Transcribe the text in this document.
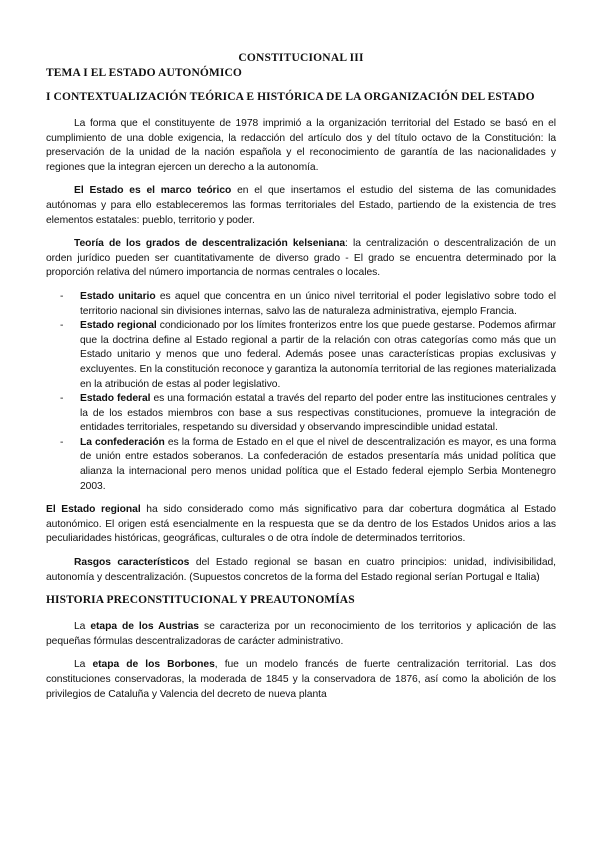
CONSTITUCIONAL III
TEMA I EL ESTADO AUTONÓMICO
I CONTEXTUALIZACIÓN TEÓRICA E HISTÓRICA DE LA ORGANIZACIÓN DEL ESTADO

La forma que el constituyente de 1978 imprimió a la organización territorial del Estado se basó en el cumplimiento de una doble exigencia, la redacción del artículo dos y del título octavo de la Constitución: la preservación de la unidad de la nación española y el reconocimiento de garantía de las nacionalidades y regiones que la integran ejercen un derecho a la autonomía.

El Estado es el marco teórico en el que insertamos el estudio del sistema de las comunidades autónomas y para ello estableceremos las formas territoriales del Estado, partiendo de la existencia de tres elementos estatales: pueblo, territorio y poder.

Teoría de los grados de descentralización kelseniana: la centralización o descentralización de un orden jurídico pueden ser cuantitativamente de diverso grado - El grado se encuentra determinado por la proporción relativa del número importancia de normas centrales o locales.

- Estado unitario es aquel que concentra en un único nivel territorial el poder legislativo sobre todo el territorio nacional sin divisiones internas, salvo las de naturaleza administrativa, ejemplo Francia.
- Estado regional condicionado por los límites fronterizos entre los que puede gestarse. Podemos afirmar que la doctrina define al Estado regional a partir de la relación con otras categorías como más que un Estado unitario y menos que uno federal. Además posee unas características propias exclusivas y excluyentes. En la constitución reconoce y garantiza la autonomía territorial de las regiones materializada en la atribución de estas al poder legislativo.
- Estado federal es una formación estatal a través del reparto del poder entre las instituciones centrales y la de los estados miembros con base a sus respectivas constituciones, promueve la integración de entidades territoriales, respetando su diversidad y observando imprescindible unidad estatal.
- La confederación es la forma de Estado en el que el nivel de descentralización es mayor, es una forma de unión entre estados soberanos. La confederación de estados presentaría más unidad política que alianza la internacional pero menos unidad política que el Estado federal ejemplo Serbia Montenegro 2003.

El Estado regional ha sido considerado como más significativo para dar cobertura dogmática al Estado autonómico. El origen está esencialmente en la respuesta que se da dentro de los Estados Unidos arios a las peculiaridades históricas, geográficas, culturales o de otra índole de determinados territorios.

Rasgos característicos del Estado regional se basan en cuatro principios: unidad, indivisibilidad, autonomía y descentralización. (Supuestos concretos de la forma del Estado regional serían Portugal e Italia)

HISTORIA PRECONSTITUCIONAL Y PREAUTONOMÍAS

La etapa de los Austrias se caracteriza por un reconocimiento de los territorios y aplicación de las pequeñas fórmulas descentralizadoras de carácter administrativo.

La etapa de los Borbones, fue un modelo francés de fuerte centralización territorial. Las dos constituciones conservadoras, la moderada de 1845 y la conservadora de 1876, así como la abolición de los privilegios de Cataluña y Valencia del decreto de nueva planta
